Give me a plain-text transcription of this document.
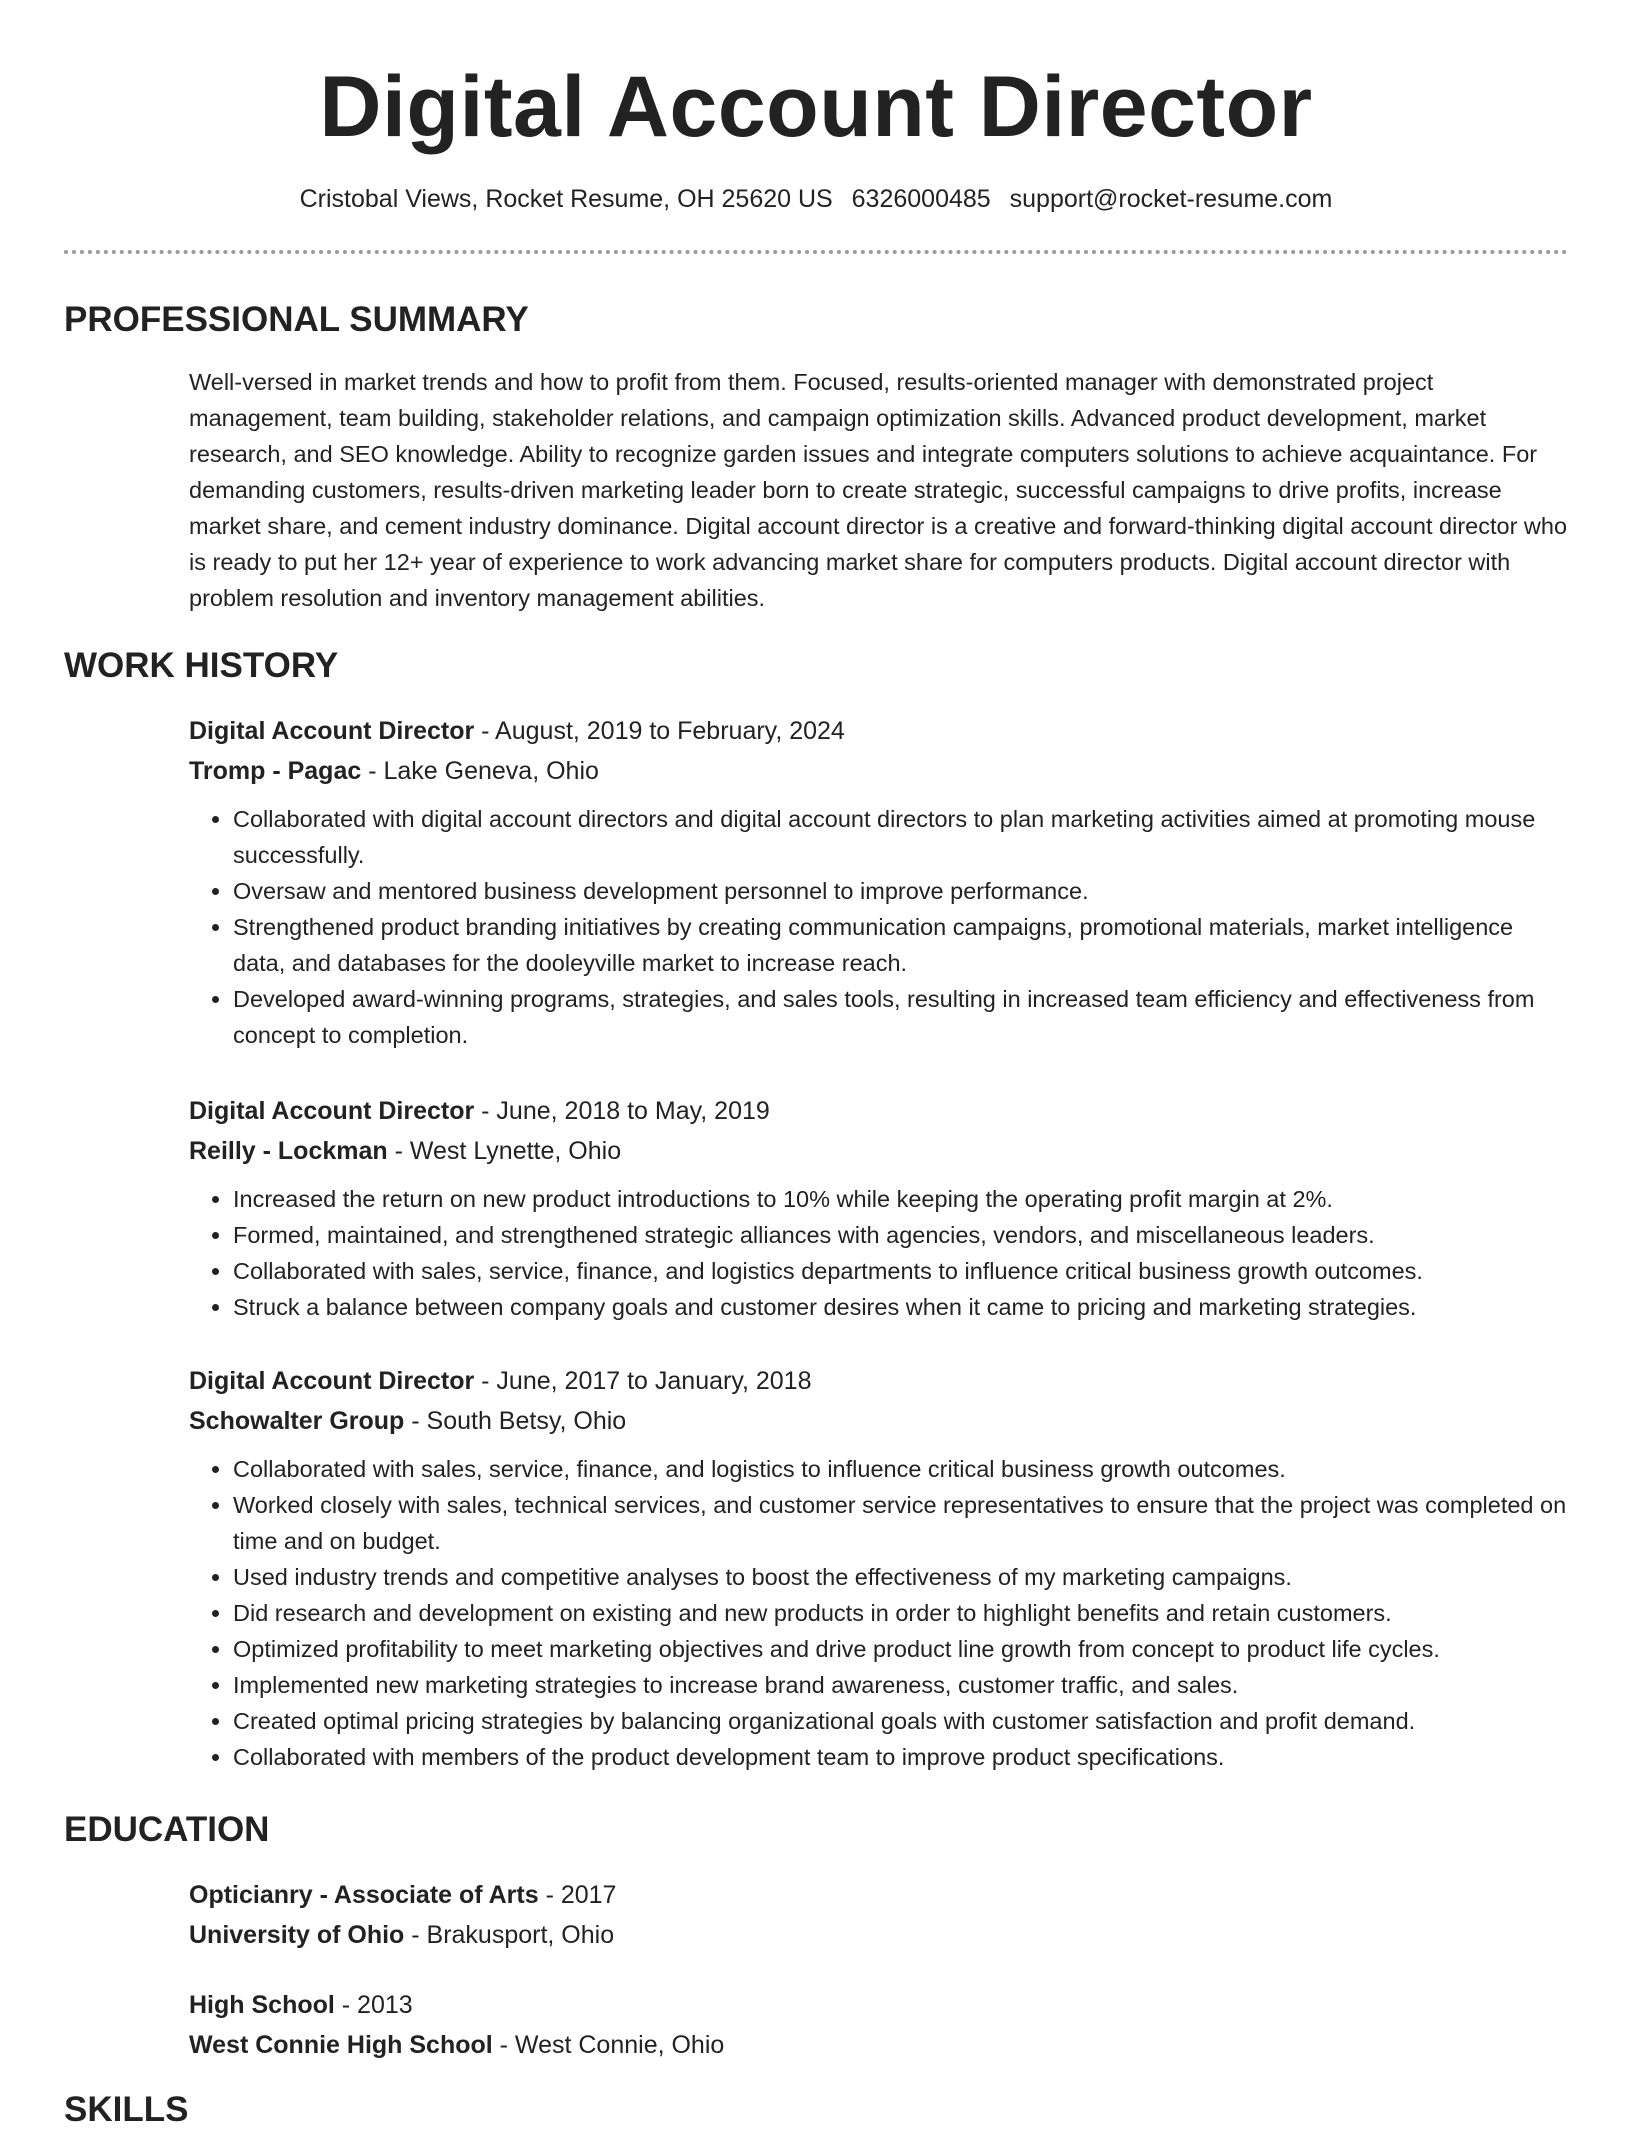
Digital Account Director
Cristobal Views, Rocket Resume, OH 25620 US 6326000485 support@rocket-resume.com
PROFESSIONAL SUMMARY
Well-versed in market trends and how to profit from them. Focused, results-oriented manager with demonstrated project management, team building, stakeholder relations, and campaign optimization skills. Advanced product development, market research, and SEO knowledge. Ability to recognize garden issues and integrate computers solutions to achieve acquaintance. For demanding customers, results-driven marketing leader born to create strategic, successful campaigns to drive profits, increase market share, and cement industry dominance. Digital account director is a creative and forward-thinking digital account director who is ready to put her 12+ year of experience to work advancing market share for computers products. Digital account director with problem resolution and inventory management abilities.
WORK HISTORY
Digital Account Director - August, 2019 to February, 2024
Tromp - Pagac - Lake Geneva, Ohio
• Collaborated with digital account directors and digital account directors to plan marketing activities aimed at promoting mouse successfully.
• Oversaw and mentored business development personnel to improve performance.
• Strengthened product branding initiatives by creating communication campaigns, promotional materials, market intelligence data, and databases for the dooleyville market to increase reach.
• Developed award-winning programs, strategies, and sales tools, resulting in increased team efficiency and effectiveness from concept to completion.
Digital Account Director - June, 2018 to May, 2019
Reilly - Lockman - West Lynette, Ohio
• Increased the return on new product introductions to 10% while keeping the operating profit margin at 2%.
• Formed, maintained, and strengthened strategic alliances with agencies, vendors, and miscellaneous leaders.
• Collaborated with sales, service, finance, and logistics departments to influence critical business growth outcomes.
• Struck a balance between company goals and customer desires when it came to pricing and marketing strategies.
Digital Account Director - June, 2017 to January, 2018
Schowalter Group - South Betsy, Ohio
• Collaborated with sales, service, finance, and logistics to influence critical business growth outcomes.
• Worked closely with sales, technical services, and customer service representatives to ensure that the project was completed on time and on budget.
• Used industry trends and competitive analyses to boost the effectiveness of my marketing campaigns.
• Did research and development on existing and new products in order to highlight benefits and retain customers.
• Optimized profitability to meet marketing objectives and drive product line growth from concept to product life cycles.
• Implemented new marketing strategies to increase brand awareness, customer traffic, and sales.
• Created optimal pricing strategies by balancing organizational goals with customer satisfaction and profit demand.
• Collaborated with members of the product development team to improve product specifications.
EDUCATION
Opticianry - Associate of Arts - 2017
University of Ohio - Brakusport, Ohio
High School - 2013
West Connie High School - West Connie, Ohio
SKILLS
